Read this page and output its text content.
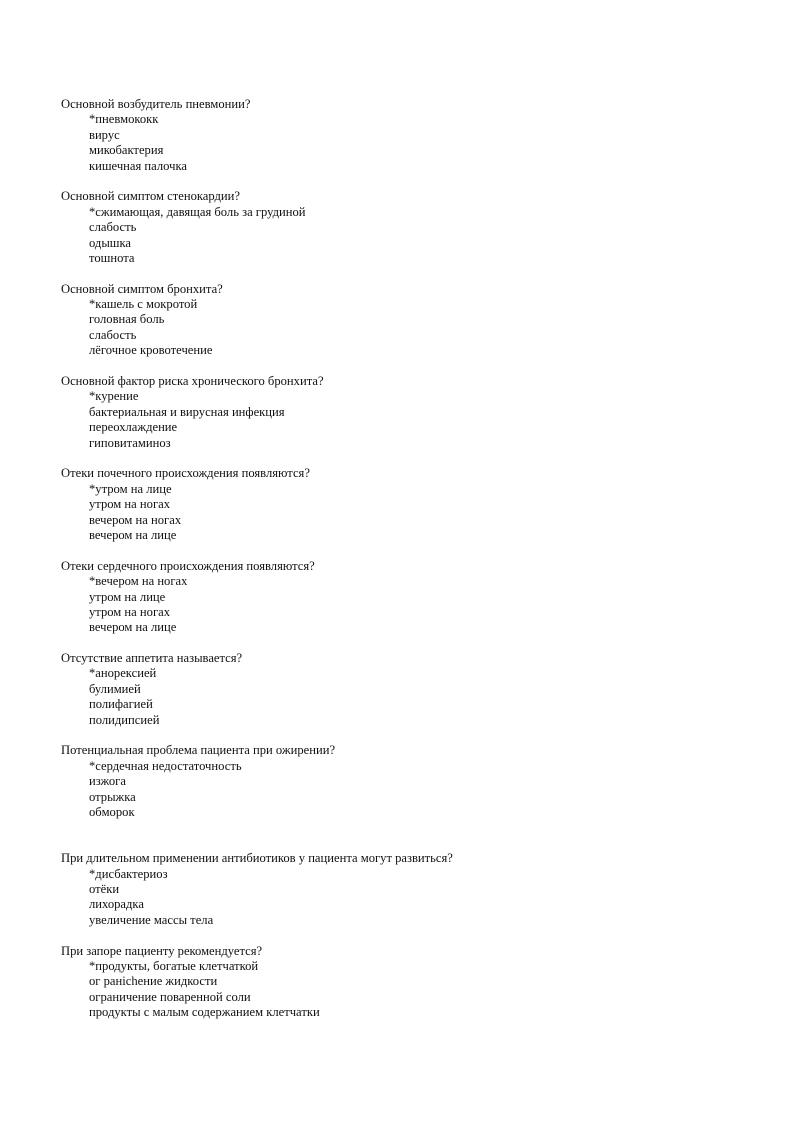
Основной возбудитель пневмонии?
*пневмококк
вирус
микобактерия
кишечная палочка
Основной симптом стенокардии?
*сжимающая, давящая боль за грудиной
слабость
одышка
тошнота
Основной симптом бронхита?
*кашель с мокротой
головная боль
слабость
лёгочное кровотечение
Основной фактор риска хронического бронхита?
*курение
бактериальная и вирусная инфекция
переохлаждение
гиповитаминоз
Отеки почечного происхождения появляются?
*утром на лице
утром на ногах
вечером на ногах
вечером на лице
Отеки сердечного происхождения появляются?
*вечером на ногах
утром на лице
утром на ногах
вечером на лице
Отсутствие аппетита называется?
*анорексией
булимией
полифагией
полидипсией
Потенциальная проблема пациента при ожирении?
*сердечная недостаточность
изжога
отрыжка
обморок
При длительном применении антибиотиков у пациента могут развиться?
*дисбактериоз
отёки
лихорадка
увеличение массы тела
При запоре пациенту рекомендуется?
*продукты, богатые клетчаткой
ог ранichение жидкости
ограничение поваренной соли
продукты с малым содержанием клетчатки
